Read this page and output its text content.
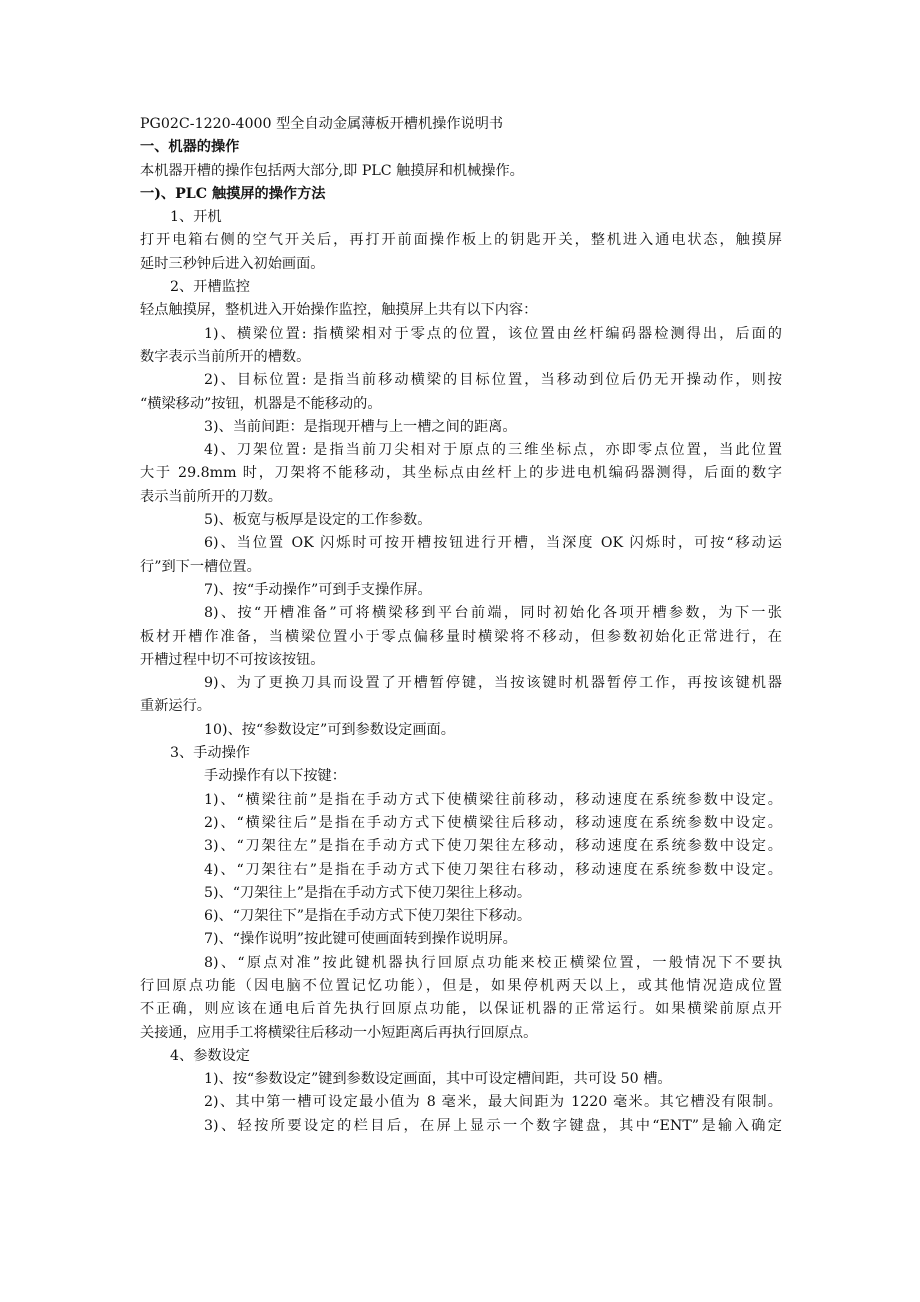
PG02C-1220-4000 型全自动金属薄板开槽机操作说明书
一、机器的操作
本机器开槽的操作包括两大部分,即 PLC 触摸屏和机械操作。
一)、PLC 触摸屏的操作方法
1、开机
打开电箱右侧的空气开关后，再打开前面操作板上的钥匙开关，整机进入通电状态，触摸屏
延时三秒钟后进入初始画面。
2、开槽监控
轻点触摸屏，整机进入开始操作监控，触摸屏上共有以下内容：
1)、横梁位置: 指横梁相对于零点的位置，该位置由丝杆编码器检测得出，后面的
数字表示当前所开的槽数。
2)、目标位置: 是指当前移动横梁的目标位置，当移动到位后仍无开操动作，则按
“横梁移动”按钮，机器是不能移动的。
3)、当前间距：是指现开槽与上一槽之间的距离。
4)、刀架位置: 是指当前刀尖相对于原点的三维坐标点，亦即零点位置，当此位置
大于 29.8mm 时，刀架将不能移动，其坐标点由丝杆上的步进电机编码器测得，后面的数字
表示当前所开的刀数。
5)、板宽与板厚是设定的工作参数。
6)、当位置 OK 闪烁时可按开槽按钮进行开槽，当深度 OK 闪烁时，可按“移动运
行”到下一槽位置。
7)、按“手动操作”可到手支操作屏。
8)、按“开槽准备”可将横梁移到平台前端，同时初始化各项开槽参数，为下一张
板材开槽作准备，当横梁位置小于零点偏移量时横梁将不移动，但参数初始化正常进行，在
开槽过程中切不可按该按钮。
9)、为了更换刀具而设置了开槽暂停键，当按该键时机器暂停工作，再按该键机器
重新运行。
10)、按“参数设定”可到参数设定画面。
3、手动操作
手动操作有以下按键：
1)、“横梁往前”是指在手动方式下使横梁往前移动，移动速度在系统参数中设定。
2)、“横梁往后”是指在手动方式下使横梁往后移动，移动速度在系统参数中设定。
3)、“刀架往左”是指在手动方式下使刀架往左移动，移动速度在系统参数中设定。
4)、“刀架往右”是指在手动方式下使刀架往右移动，移动速度在系统参数中设定。
5)、“刀架往上”是指在手动方式下使刀架往上移动。
6)、“刀架往下”是指在手动方式下使刀架往下移动。
7)、“操作说明”按此键可使画面转到操作说明屏。
8)、“原点对准”按此键机器执行回原点功能来校正横梁位置，一般情况下不要执
行回原点功能（因电脑不位置记忆功能），但是，如果停机两天以上，或其他情况造成位置
不正确，则应该在通电后首先执行回原点功能，以保证机器的正常运行。如果横梁前原点开
关接通，应用手工将横梁往后移动一小短距离后再执行回原点。
4、参数设定
1)、按“参数设定”键到参数设定画面，其中可设定槽间距，共可设 50 槽。
2)、其中第一槽可设定最小值为 8 毫米，最大间距为 1220 毫米。其它槽没有限制。
3)、轻按所要设定的栏目后，在屏上显示一个数字键盘，其中“ENT”是输入确定
